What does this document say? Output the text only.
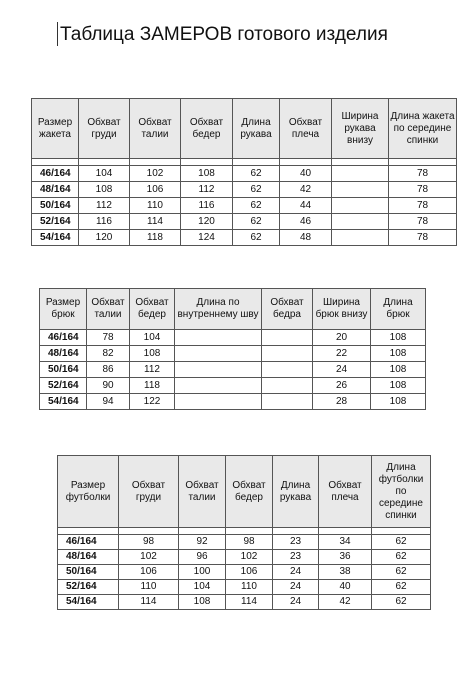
Таблица ЗАМЕРОВ готового изделия
Размер жакета	Обхват груди	Обхват талии	Обхват бедер	Длина рукава	Обхват плеча	Ширина рукава внизу	Длина жакета по середине спинки

46/164	104	102	108	62	40		78
48/164	108	106	112	62	42		78
50/164	112	110	116	62	44		78
52/164	116	114	120	62	46		78
54/164	120	118	124	62	48		78
Размер брюк	Обхват талии	Обхват бедер	Длина по внутреннему шву	Обхват бедра	Ширина брюк внизу	Длина брюк
46/164	78	104			20	108
48/164	82	108			22	108
50/164	86	112			24	108
52/164	90	118			26	108
54/164	94	122			28	108
Размер футболки	Обхват груди	Обхват талии	Обхват бедер	Длина рукава	Обхват плеча	Длина футболки по середине спинки

46/164	98	92	98	23	34	62
48/164	102	96	102	23	36	62
50/164	106	100	106	24	38	62
52/164	110	104	110	24	40	62
54/164	114	108	114	24	42	62
